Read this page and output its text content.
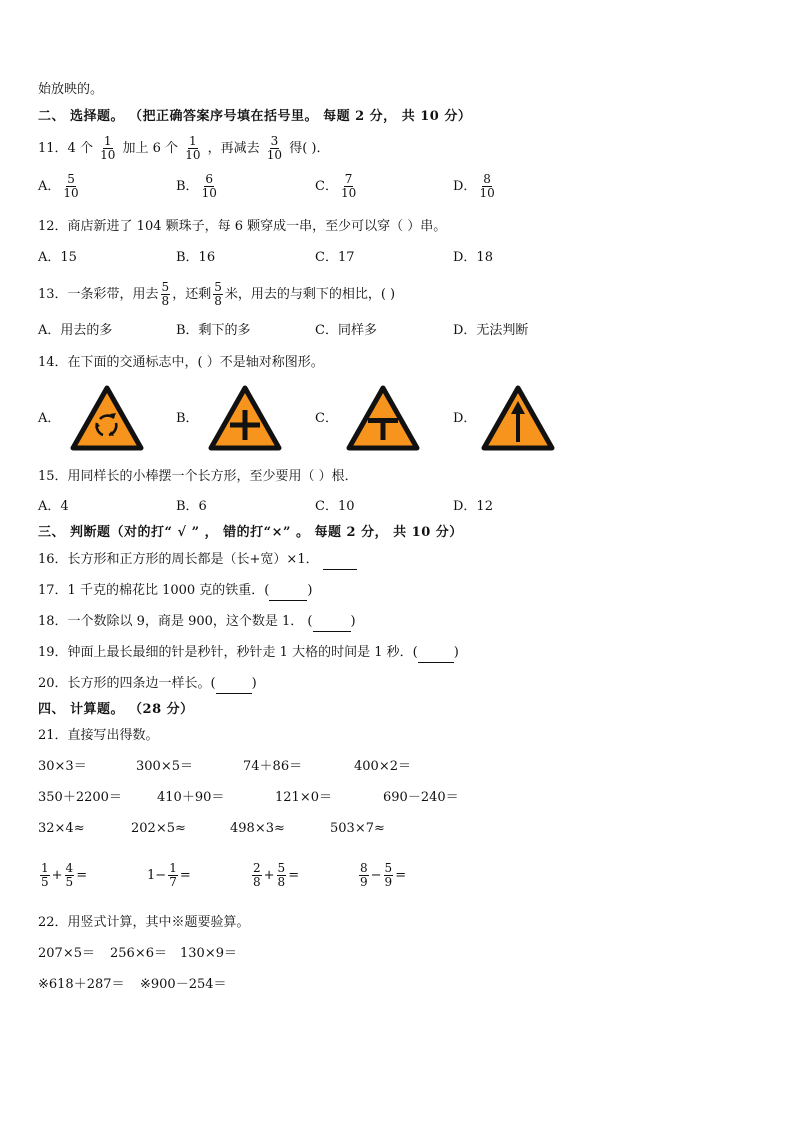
始放映的。
二、 选择题。 （把正确答案序号填在括号里。 每题 2 分， 共 10 分）
11．4 个 $\frac{1}{10}$ 加上 6 个 $\frac{1}{10}$ ，再减去 $\frac{3}{10}$ 得( )．
A． $\frac{5}{10}$	B． $\frac{6}{10}$	C． $\frac{7}{10}$	D． $\frac{8}{10}$
12．商店新进了 104 颗珠子，每 6 颗穿成一串，至少可以穿（ ）串。
A．15	B．16	C．17	D．18
13．一条彩带，用去 $\frac{5}{8}$ ，还剩 $\frac{5}{8}$ 米，用去的与剩下的相比，( )
A．用去的多	B．剩下的多	C．同样多	D．无法判断
14．在下面的交通标志中，( ）不是轴对称图形。
A．	B．	C．	D．
15．用同样长的小棒摆一个长方形，至少要用（ ）根．
A．4	B．6	C．10	D．12
三、 判断题（对的打“ √ ” ， 错的打“×” 。 每题 2 分， 共 10 分）
16．长方形和正方形的周长都是（长+宽）×1．
17．1 千克的棉花比 1000 克的铁重．(	)
18．一个数除以 9，商是 900，这个数是 1． (	)
19．钟面上最长最细的针是秒针，秒针走 1 大格的时间是 1 秒．(	)
20．长方形的四条边一样长。(	)
四、 计算题。 （28 分）
21．直接写出得数。
30×3＝	300×5＝	74＋86＝	400×2＝
350＋2200＝	410＋90＝	121×0＝	690－240＝
32×4≈	202×5≈	498×3≈	503×7≈
$\frac{1}{5} + \frac{4}{5}$ =	$1- \frac{1}{7}$ =	$\frac{2}{8} + \frac{5}{8}$ =	$\frac{8}{9} - \frac{5}{9}$ =
22．用竖式计算，其中※题要验算。
207×5＝ 256×6＝ 130×9＝
※618＋287＝ ※900－254＝
